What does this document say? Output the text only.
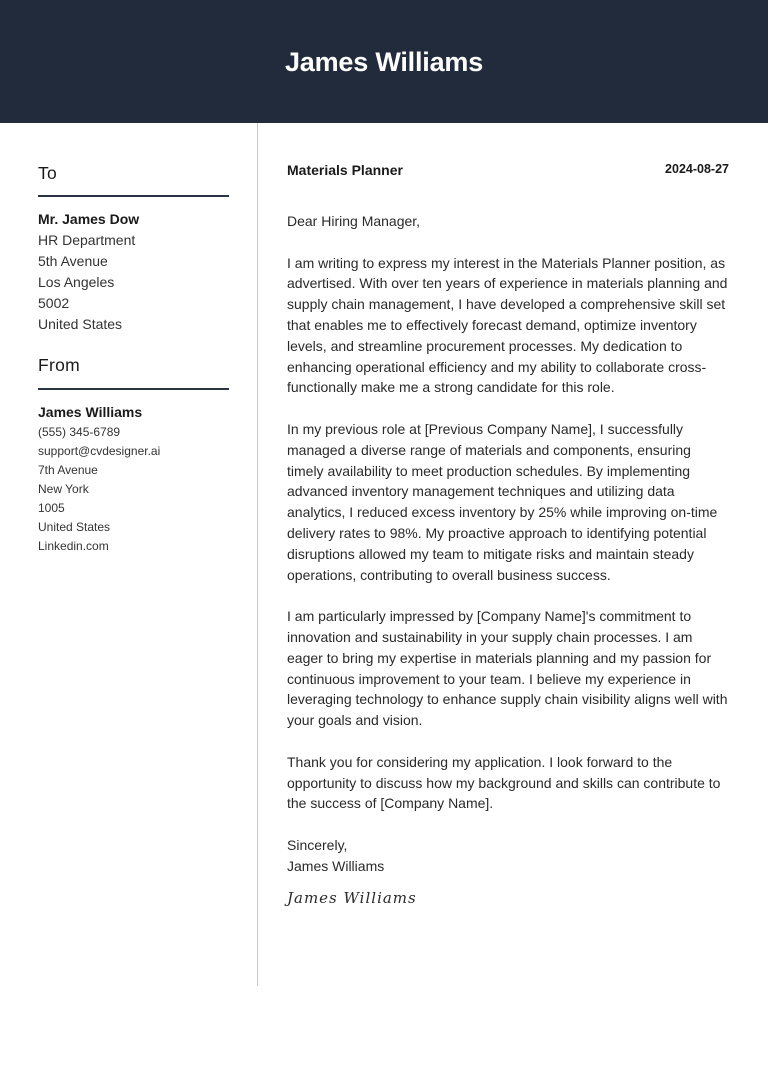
James Williams
To
Mr. James Dow
HR Department
5th Avenue
Los Angeles
5002
United States
From
James Williams
(555) 345-6789
support@cvdesigner.ai
7th Avenue
New York
1005
United States
Linkedin.com
Materials Planner	2024-08-27

Dear Hiring Manager,

I am writing to express my interest in the Materials Planner position, as advertised. With over ten years of experience in materials planning and supply chain management, I have developed a comprehensive skill set that enables me to effectively forecast demand, optimize inventory levels, and streamline procurement processes. My dedication to enhancing operational efficiency and my ability to collaborate cross-functionally make me a strong candidate for this role.

In my previous role at [Previous Company Name], I successfully managed a diverse range of materials and components, ensuring timely availability to meet production schedules. By implementing advanced inventory management techniques and utilizing data analytics, I reduced excess inventory by 25% while improving on-time delivery rates to 98%. My proactive approach to identifying potential disruptions allowed my team to mitigate risks and maintain steady operations, contributing to overall business success.

I am particularly impressed by [Company Name]'s commitment to innovation and sustainability in your supply chain processes. I am eager to bring my expertise in materials planning and my passion for continuous improvement to your team. I believe my experience in leveraging technology to enhance supply chain visibility aligns well with your goals and vision.

Thank you for considering my application. I look forward to the opportunity to discuss how my background and skills can contribute to the success of [Company Name].

Sincerely,

James Williams

James Williams
